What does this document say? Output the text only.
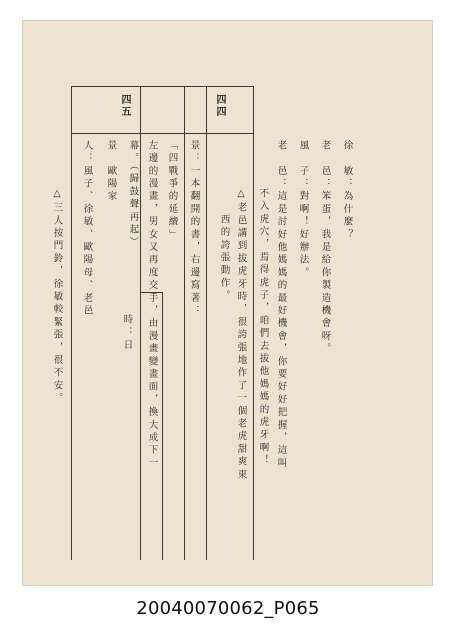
四四
四五
徐　敏：為什麼？
老　邑：笨蛋，我是給你製造機會呀。
風　子：對啊！好辦法。
老　邑：這是討好他媽媽的最好機會，你要好好把握，這叫
不入虎穴，焉得虎子，咱們去拔他媽媽的虎牙啊！
△老邑講到拔虎牙時，很誇張地作了一個老虎甜爽東
西的誇張動作。
景：一本翻開的書，右邊寫著：
「四戰爭的延續」
左邊的漫畫，男女又再度交手，由漫畫變畫面，換大成下一
幕。（歸鼓聲再起）
景　歐陽家
時：日
人：風子、徐敏、歐陽母、老邑
△三人按門鈴，徐敏較緊張，很不安。
20040070062_P065
